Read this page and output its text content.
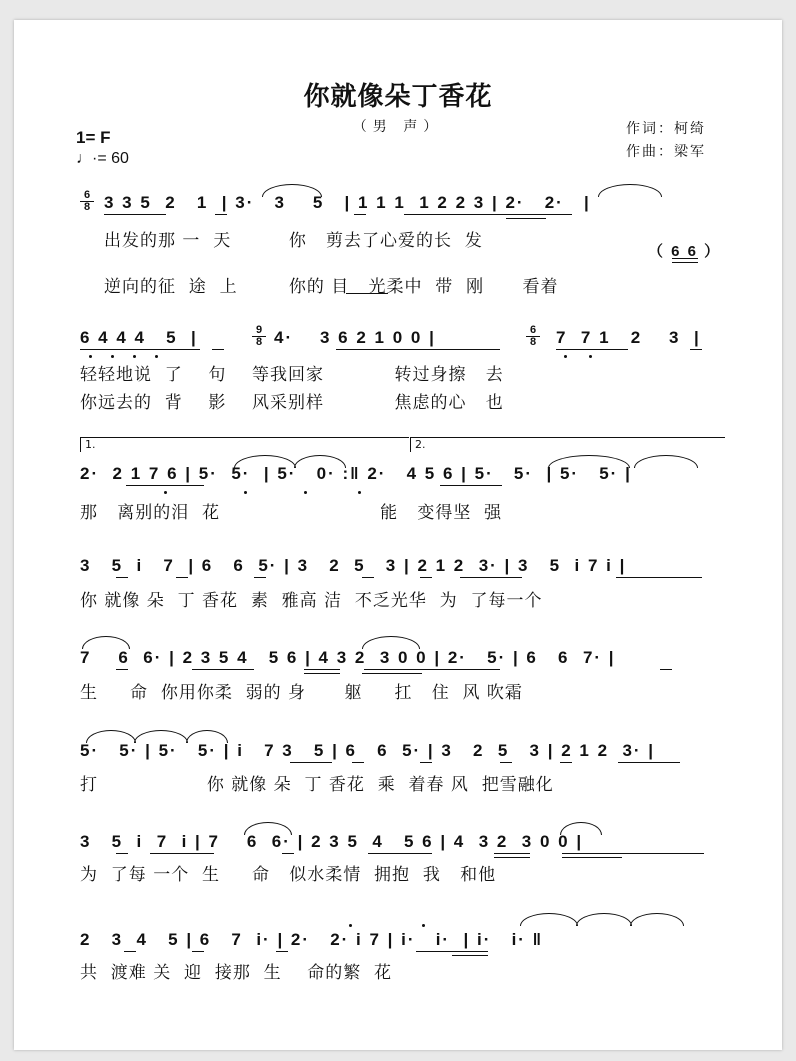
你就像朵丁香花
（男 声）	作词：柯绮
作曲：梁军
1= F
♩·= 60
6
8 3 3 5  2   1  | 3·   3    5   | 1 1 1  1 2 2 3 | 2·   2·   |
出发的那 一  天         你   剪去了心爱的长  发
（ 6 6 ）
逆向的征  途  上        你的 目   光柔中  带  刚      看着
6 4 4 4   5  |	9
8 4·    3 6 2 1 0 0 |	6
8 7  7 1   2    3  |
轻轻地说  了    句    等我回家           转过身擦   去
你远去的  背    影    风采别样           焦虑的心   也
1.	2.
2·  2 1 7 6 | 5·  5·  | 5·   0· :‖ 2·   4 5 6 | 5·   5·  | 5·   5· |
那   离别的泪  花                         能   变得坚  强
3   5  i   7  | 6   6  5· | 3   2  5   3 | 2 1 2  3· | 3   5  i 7 i |
你 就像 朵  丁 香花  素  雅高 洁  不乏光华  为  了每一个
7    6  6· | 2 3 5 4   5 6 | 4 3 2  3 0 0 | 2·   5· | 6   6  7· |
生     命  你用你柔  弱的 身      躯     扛   住  风 吹霜
5·   5· | 5·   5· | i   7 3   5 | 6   6  5· | 3   2  5   3 | 2 1 2  3· |
打                 你 就像 朵  丁 香花  乘  着春 风  把雪融化
3   5  i  7  i | 7    6  6· | 2 3 5  4   5 6 | 4  3 2  3 0 0 |
为  了每 一个  生     命   似水柔情  拥抱  我   和他
2   3  4   5 | 6   7  i· | 2·   2· i 7 | i·   i·  | i·   i· ‖
共  渡难 关  迎  接那  生    命的繁  花
